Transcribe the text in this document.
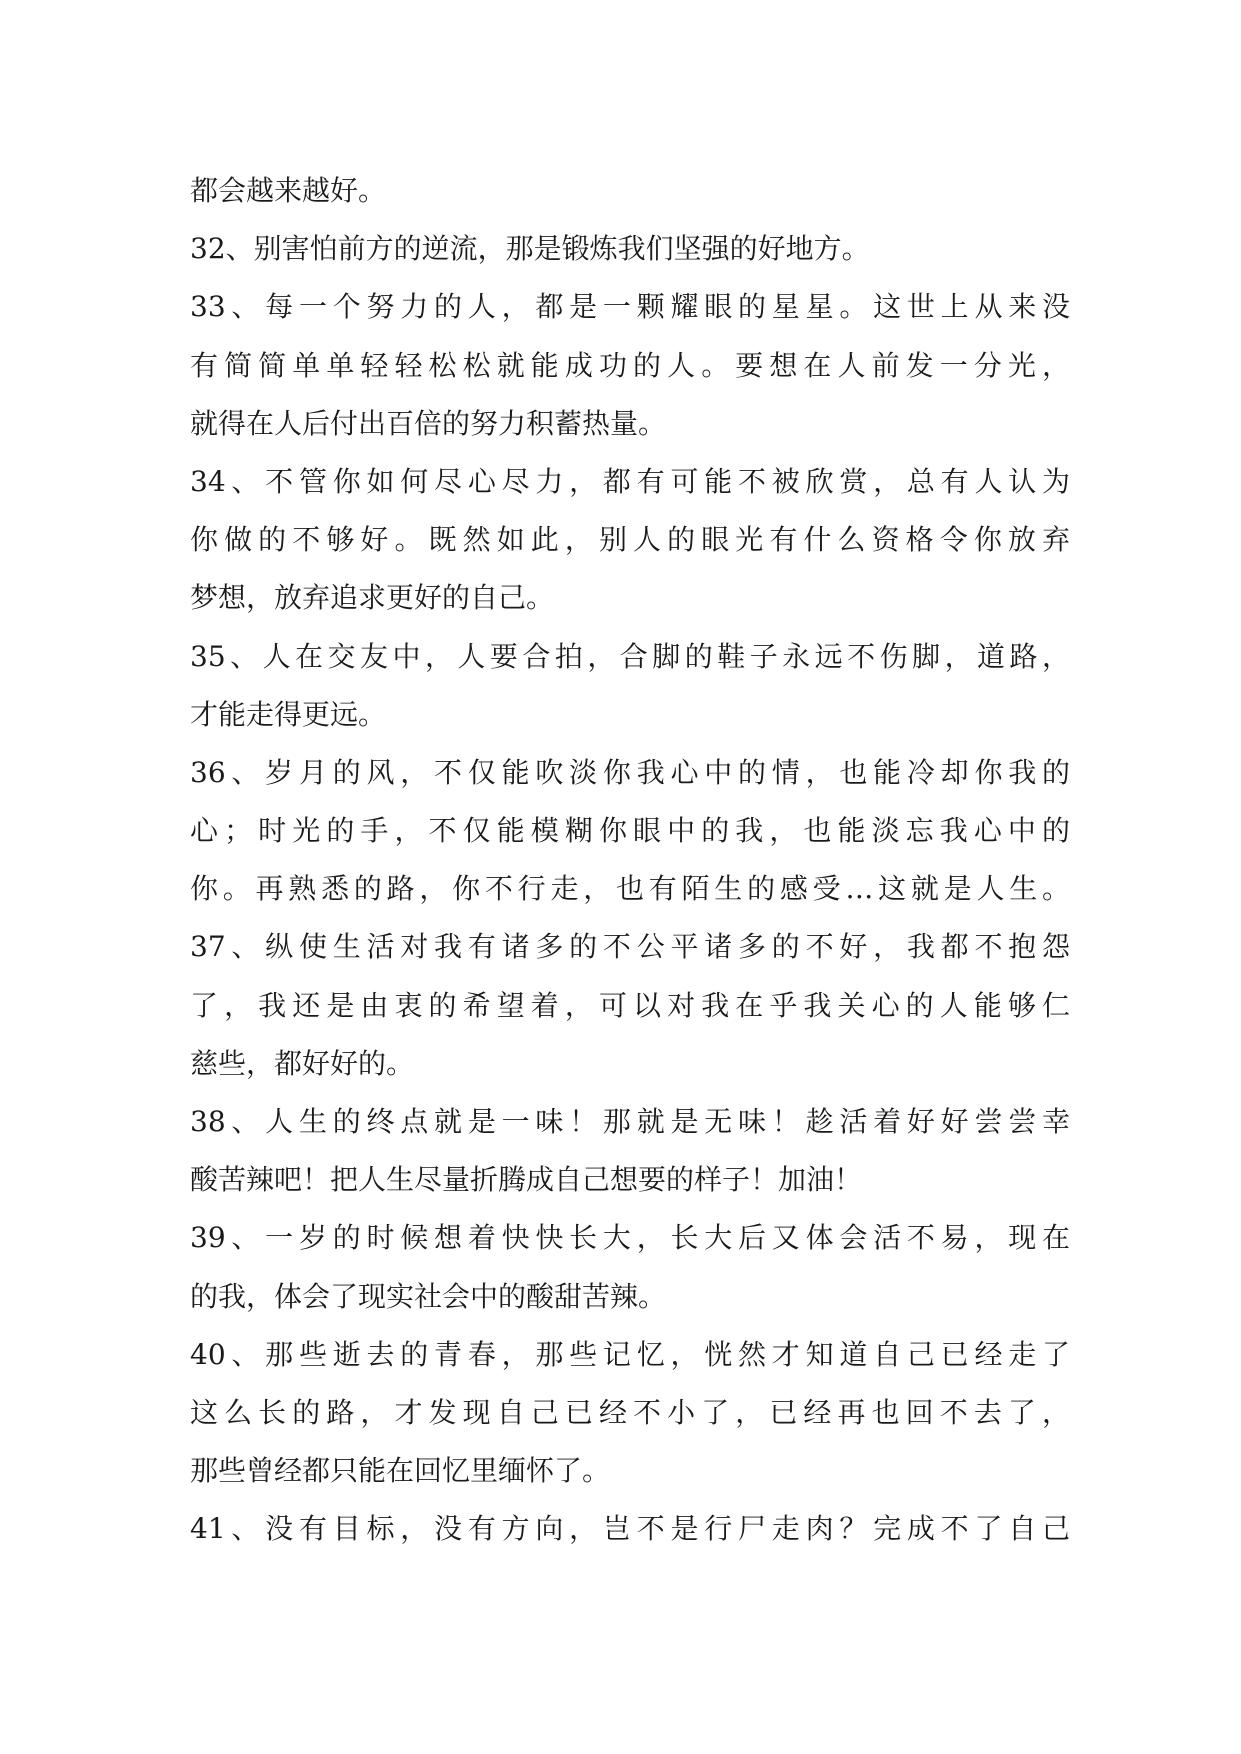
都会越来越好。
32、别害怕前方的逆流，那是锻炼我们坚强的好地方。
33、每一个努力的人，都是一颗耀眼的星星。这世上从来没
有简简单单轻轻松松就能成功的人。要想在人前发一分光，
就得在人后付出百倍的努力积蓄热量。
34、不管你如何尽心尽力，都有可能不被欣赏，总有人认为
你做的不够好。既然如此，别人的眼光有什么资格令你放弃
梦想，放弃追求更好的自己。
35、人在交友中，人要合拍，合脚的鞋子永远不伤脚，道路，
才能走得更远。
36、岁月的风，不仅能吹淡你我心中的情，也能冷却你我的
心；时光的手，不仅能模糊你眼中的我，也能淡忘我心中的
你。再熟悉的路，你不行走，也有陌生的感受…这就是人生。
37、纵使生活对我有诸多的不公平诸多的不好，我都不抱怨
了，我还是由衷的希望着，可以对我在乎我关心的人能够仁
慈些，都好好的。
38、人生的终点就是一味！那就是无味！趁活着好好尝尝幸
酸苦辣吧！把人生尽量折腾成自己想要的样子！加油！
39、一岁的时候想着快快长大，长大后又体会活不易，现在
的我，体会了现实社会中的酸甜苦辣。
40、那些逝去的青春，那些记忆，恍然才知道自己已经走了
这么长的路，才发现自己已经不小了，已经再也回不去了，
那些曾经都只能在回忆里缅怀了。
41、没有目标，没有方向，岂不是行尸走肉？完成不了自己
